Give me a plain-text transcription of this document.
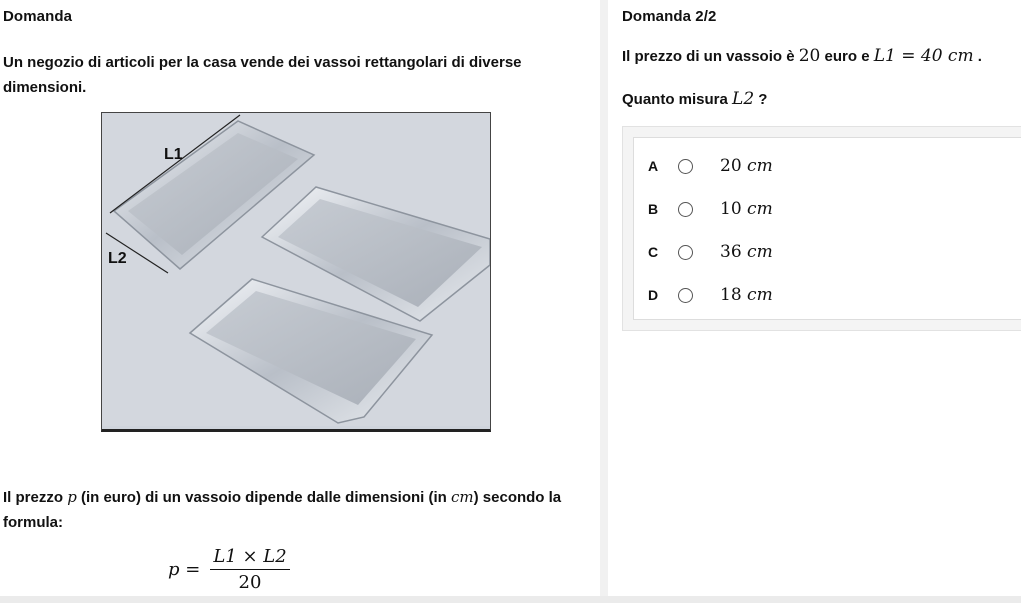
Domanda
Un negozio di articoli per la casa vende dei vassoi rettangolari di diverse dimensioni.
L1
L2
Il prezzo p (in euro) di un vassoio dipende dalle dimensioni (in cm) secondo la formula:
$p = \frac{L1 \times L2}{20}$
Domanda 2/2
Il prezzo di un vassoio è 20 euro e L1 = 40 cm .
Quanto misura L2 ?
A	20 cm
B	10 cm
C	36 cm
D	18 cm
